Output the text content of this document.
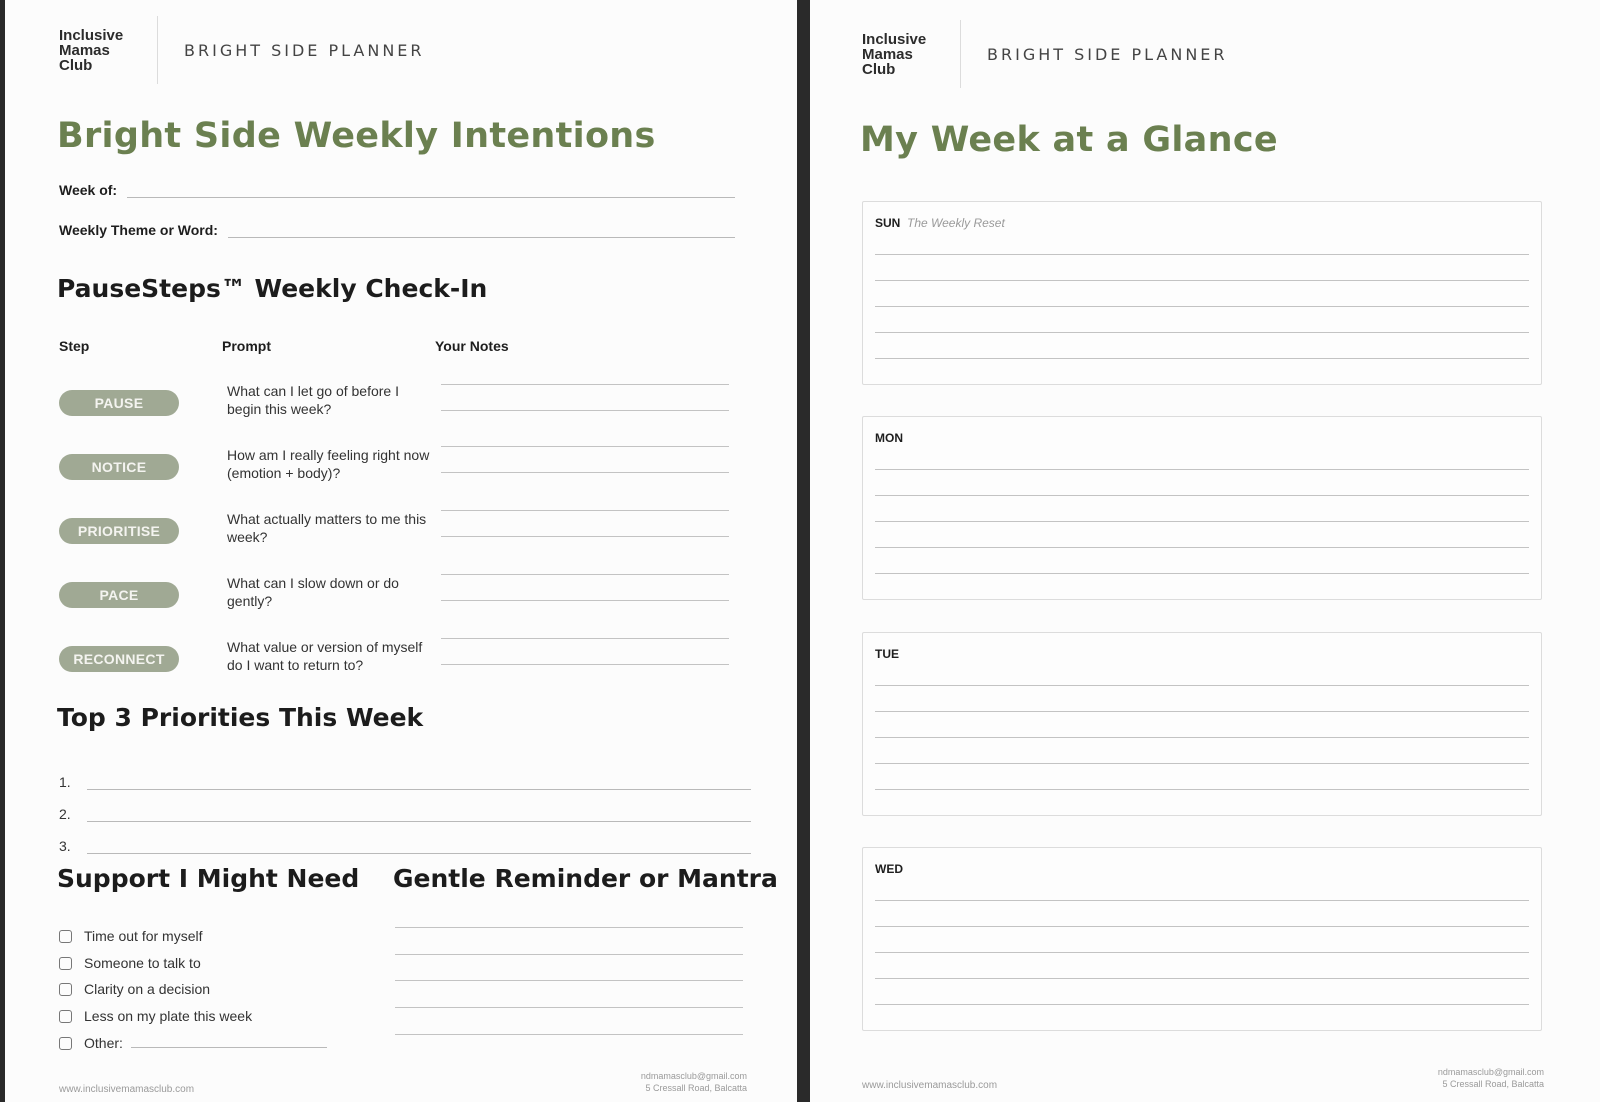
Inclusive
Mamas
Club
BRIGHT SIDE PLANNER
Bright Side Weekly Intentions
Week of:
Weekly Theme or Word:
PauseSteps™ Weekly Check-In
Step	Prompt	Your Notes
PAUSE
What can I let go of before I begin this week?
NOTICE
How am I really feeling right now (emotion + body)?
PRIORITISE
What actually matters to me this week?
PACE
What can I slow down or do gently?
RECONNECT
What value or version of myself do I want to return to?
Top 3 Priorities This Week
1.
2.
3.
Support I Might Need Gentle Reminder or Mantra
Time out for myself
Someone to talk to
Clarity on a decision
Less on my plate this week
Other:
www.inclusivemamasclub.com
ndmamasclub@gmail.com
5 Cressall Road, Balcatta
Inclusive
Mamas
Club
BRIGHT SIDE PLANNER
My Week at a Glance
SUN The Weekly Reset
MON
TUE
WED
www.inclusivemamasclub.com
ndmamasclub@gmail.com
5 Cressall Road, Balcatta
